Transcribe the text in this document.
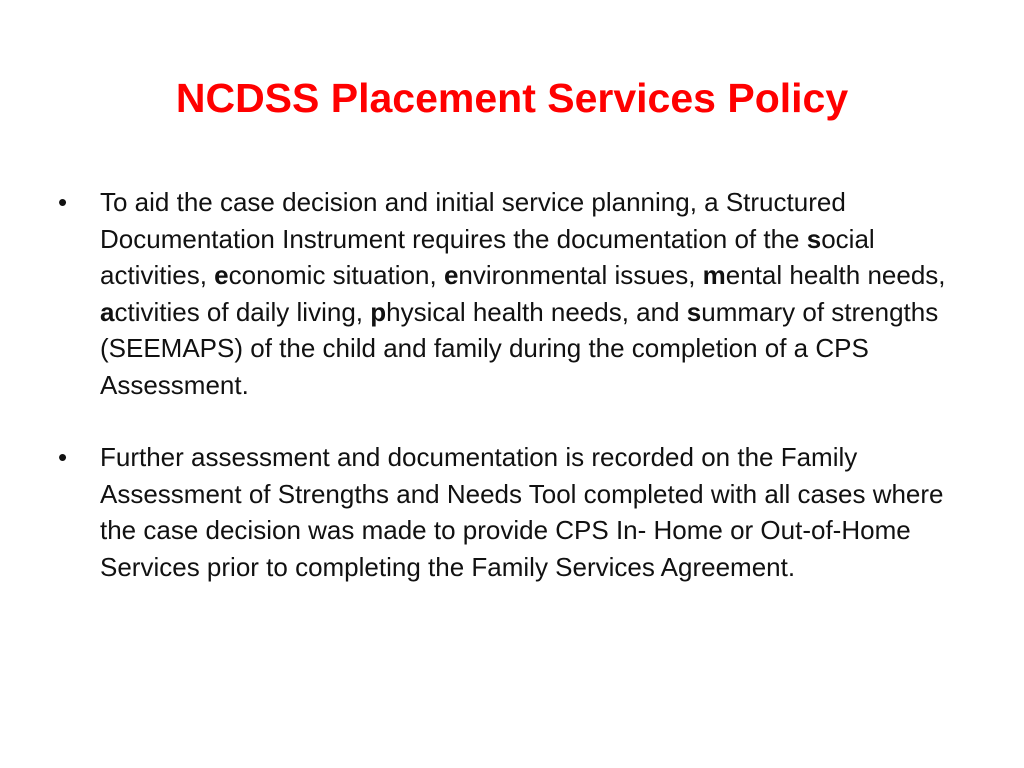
NCDSS Placement Services Policy
•	To aid the case decision and initial service planning, a Structured Documentation Instrument requires the documentation of the social activities, economic situation, environmental issues, mental health needs, activities of daily living, physical health needs, and summary of strengths (SEEMAPS) of the child and family during the completion of a CPS Assessment.
•	Further assessment and documentation is recorded on the Family Assessment of Strengths and Needs Tool completed with all cases where the case decision was made to provide CPS In- Home or Out-of-Home Services prior to completing the Family Services Agreement.
